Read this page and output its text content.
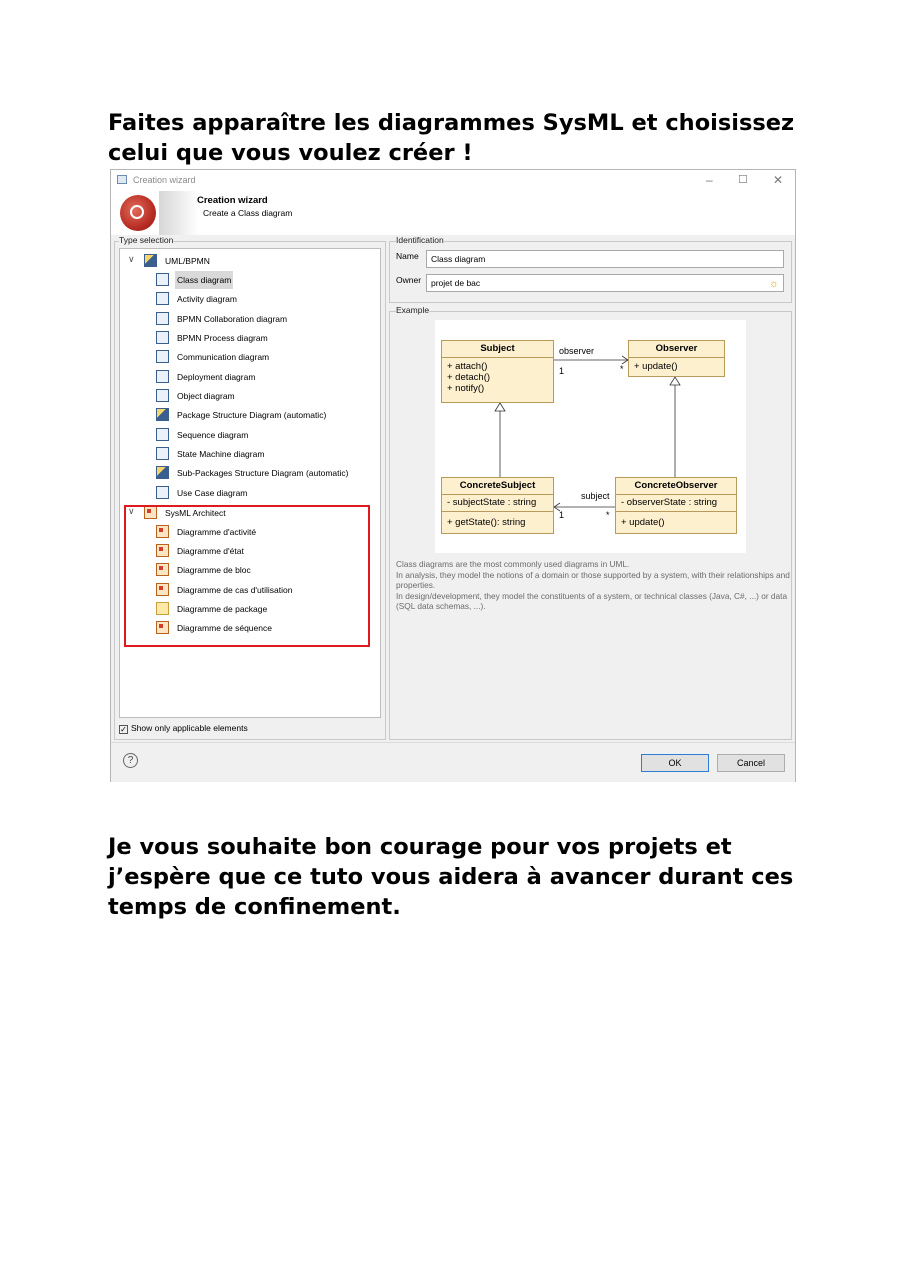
Faites apparaître les diagrammes SysML et choisissez celui que vous voulez créer !
Creation wizard	– ☐ ✕
Creation wizard
Create a Class diagram
Type selection
∨	UML/BPMN
Class diagram
Activity diagram
BPMN Collaboration diagram
BPMN Process diagram
Communication diagram
Deployment diagram
Object diagram
Package Structure Diagram (automatic)
Sequence diagram
State Machine diagram
Sub-Packages Structure Diagram (automatic)
Use Case diagram
∨	SysML Architect
Diagramme d'activité
Diagramme d'état
Diagramme de bloc
Diagramme de cas d'utilisation
Diagramme de package
Diagramme de séquence
✓ Show only applicable elements
Identification
Name	Class diagram
Owner	projet de bac	☼
Example
Subject
+ attach()
+ detach()
+ notify()
Observer
+ update()
ConcreteSubject
- subjectState : string
+ getState(): string
ConcreteObserver
- observerState : string
+ update()
observer
1	*
subject
1	*
Class diagrams are the most commonly used diagrams in UML.
In analysis, they model the notions of a domain or those supported by a system, with their relationships and properties.
In design/development, they model the constituents of a system, or technical classes (Java, C#, ...) or data (SQL data schemas, ...).
?	OK	Cancel
Je vous souhaite bon courage pour vos projets et j’espère que ce tuto vous aidera à avancer durant ces temps de confinement.
